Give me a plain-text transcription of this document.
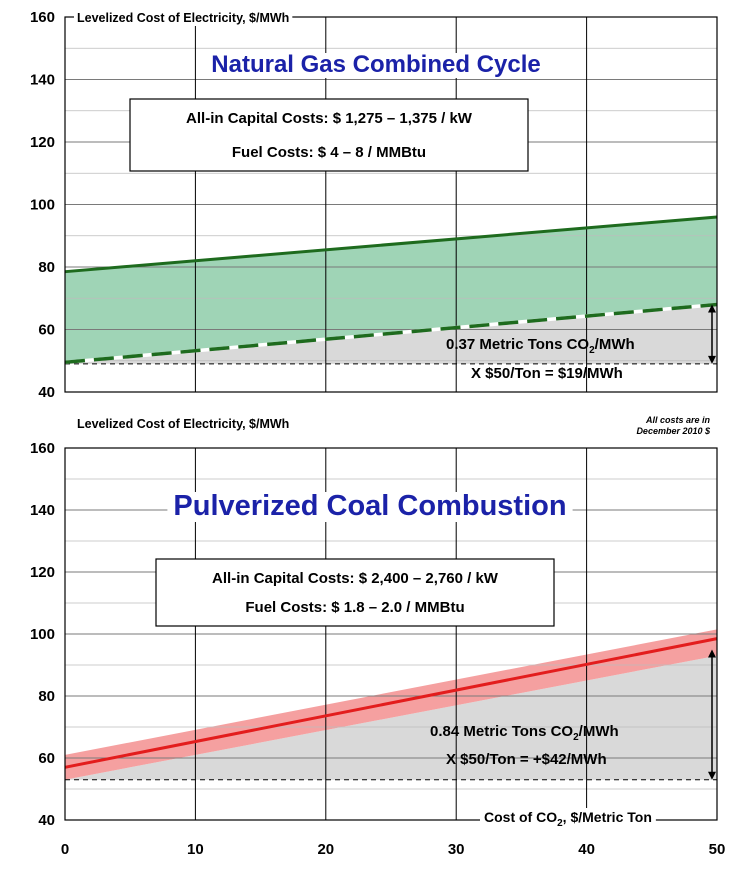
40
60
80
100
120
140
160 Levelized Cost of Electricity, $/MWh
Natural Gas Combined Cycle
All-in Capital Costs: $ 1,275 – 1,375 / kW
Fuel Costs: $ 4 – 8 / MMBtu
0.37 Metric Tons $CO_2$/MWh
X $50/Ton = $19/MWh
40
60
80
100
120
140
160
Levelized Cost of Electricity, $/MWh
Pulverized Coal Combustion
All-in Capital Costs: $ 2,400 – 2,760 / kW
Fuel Costs: $ 1.8 – 2.0 / MMBtu
0.84 Metric Tons $CO_2$/MWh
X $50/Ton = +$42/MWh
All costs are in
December 2010 $
0	10	20	30	40	50
Cost of $CO_2$, $/Metric Ton
